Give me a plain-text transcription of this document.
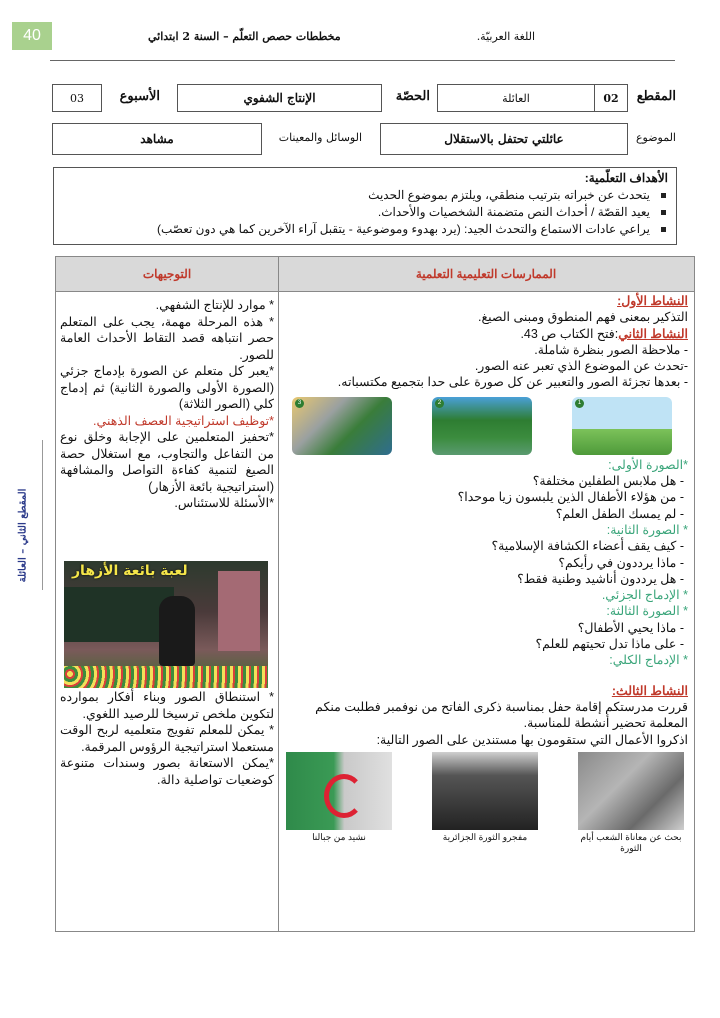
40	اللغة العربيّة.
مخططات حصص التعلّم – السنة 2 ابتدائي
المقطع
02
العائلة
الحصّة
الإنتاج الشفوي
الأسبوع
03
الموضوع
عائلتي تحتفل بالاستقلال
الوسائل والمعينات
مشاهد
الأهداف التعلّمية:
يتحدث عن خبراته بترتيب منطقي، ويلتزم بموضوع الحديث
يعيد القصّة / أحداث النص متضمنة الشخصيات والأحداث.
يراعي عادات الاستماع والتحدث الجيد: (يرد بهدوء وموضوعية - يتقبل آراء الآخرين كما هي دون تعصّب)
المقطع الثاني – العائلة
الممارسات التعليمية التعلمية
التوجيهات
النشاط الأول:

التذكير بمعنى فهم المنطوق ومبنى الصيغ.

النشاط الثاني:فتح الكتاب ص 43.

- ملاحظة الصور بنظرة شاملة.

-تحدث عن الموضوع الذي تعبر عنه الصور.

- بعدها تجزئة الصور والتعبير عن كل صورة على حدا بتجميع مكتسباته.

1
2
3
*الصورة الأولى:
- هل ملابس الطفلين مختلفة؟
- من هؤلاء الأطفال الذين يلبسون زيا موحدا؟
- لم يمسك الطفل العلم؟
* الصورة الثانية:
- كيف يقف أعضاء الكشافة الإسلامية؟
- ماذا يرددون في رأيكم؟
- هل يرددون أناشيد وطنية فقط؟
* الإدماج الجزئي.
* الصورة الثالثة:
- ماذا يحيي الأطفال؟
- على ماذا تدل تحيتهم للعلم؟
* الإدماج الكلي:
النشاط الثالث:

قررت مدرستكم إقامة حفل بمناسبة ذكرى الفاتح من نوفمبر فطلبت منكم المعلمة تحضير أنشطة للمناسبة.

اذكروا الأعمال التي ستقومون بها مستندين على الصور التالية:

بحث عن معاناة الشعب أيام الثورة
مفجرو الثورة الجزائرية
نشيد من جبالنا

* موارد للإنتاج الشفهي.

* هذه المرحلة مهمة، يجب على المتعلم حصر انتباهه قصد التقاط الأحداث العامة للصور.

*يعبر كل متعلم عن الصورة بإدماج جزئي (الصورة الأولى والصورة الثانية) ثم إدماج كلي (الصور الثلاثة)

*توظيف استراتيجية العصف الذهني.

*تحفيز المتعلمين على الإجابة وخلق نوع من التفاعل والتجاوب، مع استغلال حصة الصيغ لتنمية كفاءة التواصل والمشافهة (استراتيجية بائعة الأزهار)

*الأسئلة للاستئناس.

لعبة بائعة الأزهار

* استنطاق الصور وبناء أفكار بموارده لتكوين ملخص ترسيخا للرصيد اللغوي.

* يمكن للمعلم تفويج متعلميه لربح الوقت مستعملا استراتيجية الرؤوس المرقمة.

*يمكن الاستعانة بصور وسندات متنوعة كوضعيات تواصلية دالة.
